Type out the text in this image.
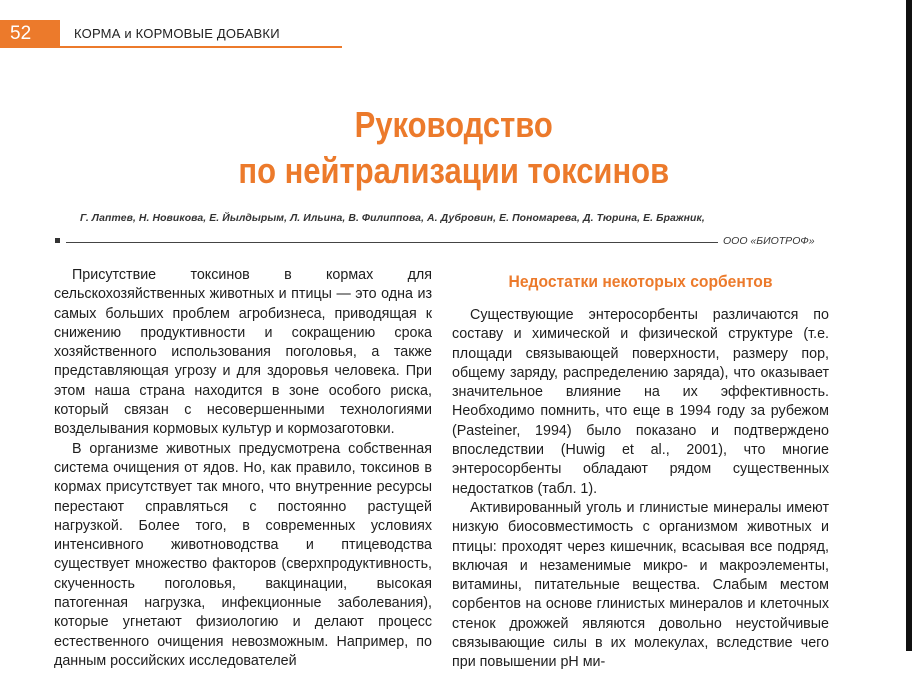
52	КОРМА и КОРМОВЫЕ ДОБАВКИ
Руководство
по нейтрализации токсинов
Г. Лаптев, Н. Новикова, Е. Йылдырым, Л. Ильина, В. Филиппова, А. Дубровин, Е. Пономарева, Д. Тюрина, Е. Бражник,
ООО «БИОТРОФ»

Присутствие токсинов в кормах для сельскохозяйственных животных и птицы — это одна из самых больших проблем агробизнеса, приводящая к снижению продуктивности и сокращению срока хозяйственного использования поголовья, а также представляющая угрозу и для здоровья человека. При этом наша страна находится в зоне особого риска, который связан с несовершенными технологиями возделывания кормовых культур и кормозаготовки.

В организме животных предусмотрена собственная система очищения от ядов. Но, как правило, токсинов в кормах присутствует так много, что внутренние ресурсы перестают справляться с постоянно растущей нагрузкой. Более того, в современных условиях интенсивного животноводства и птицеводства существует множество факторов (сверхпродуктивность, скученность поголовья, вакцинации, высокая патогенная нагрузка, инфекционные заболевания), которые угнетают физиологию и делают процесс естественного очищения невозможным. Например, по данным российских исследователей

Недостатки некоторых сорбентов

Существующие энтеросорбенты различаются по составу и химической и физической структуре (т.е. площади связывающей поверхности, размеру пор, общему заряду, распределению заряда), что оказывает значительное влияние на их эффективность. Необходимо помнить, что еще в 1994 году за рубежом (Pasteiner, 1994) было показано и подтверждено впоследствии (Huwig et al., 2001), что многие энтеросорбенты обладают рядом существенных недостатков (табл. 1).

Активированный уголь и глинистые минералы имеют низкую биосовместимость с организмом животных и птицы: проходят через кишечник, всасывая все подряд, включая и незаменимые микро- и макроэлементы, витамины, питательные вещества. Слабым местом сорбентов на основе глинистых минералов и клеточных стенок дрожжей являются довольно неустойчивые связывающие силы в их молекулах, вследствие чего при повышении рН ми-
